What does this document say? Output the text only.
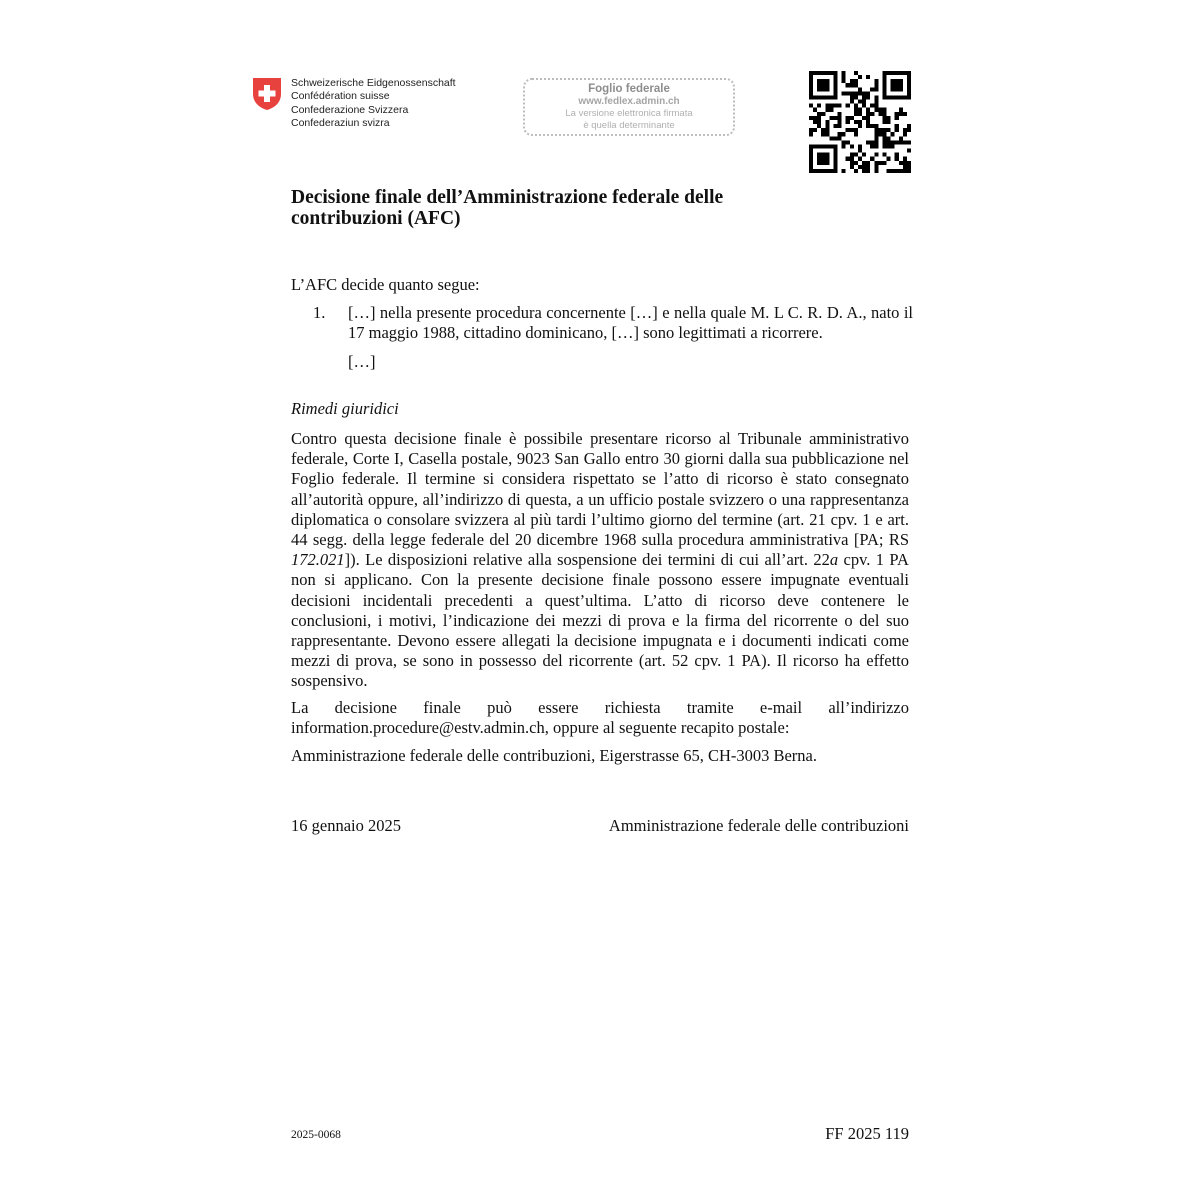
Schweizerische Eidgenossenschaft
Confédération suisse
Confederazione Svizzera
Confederaziun svizra
Foglio federale
www.fedlex.admin.ch
La versione elettronica firmata
è quella determinante
Decisione finale dell’Amministrazione federale delle contribuzioni (AFC)
L’AFC decide quanto segue:
1. […] nella presente procedura concernente […] e nella quale M. L C. R. D. A., nato il 17 maggio 1988, cittadino dominicano, […] sono legittimati a ricorrere.
[…]
Rimedi giuridici
Contro questa decisione finale è possibile presentare ricorso al Tribunale amministrativo federale, Corte I, Casella postale, 9023 San Gallo entro 30 giorni dalla sua pubblicazione nel Foglio federale. Il termine si considera rispettato se l’atto di ricorso è stato consegnato all’autorità oppure, all’indirizzo di questa, a un ufficio postale svizzero o una rappresentanza diplomatica o consolare svizzera al più tardi l’ultimo giorno del termine (art. 21 cpv. 1 e art. 44 segg. della legge federale del 20 dicembre 1968 sulla procedura amministrativa [PA; RS 172.021]). Le disposizioni relative alla sospensione dei termini di cui all’art. 22a cpv. 1 PA non si applicano. Con la presente decisione finale possono essere impugnate eventuali decisioni incidentali precedenti a quest’ultima. L’atto di ricorso deve contenere le conclusioni, i motivi, l’indicazione dei mezzi di prova e la firma del ricorrente o del suo rappresentante. Devono essere allegati la decisione impugnata e i documenti indicati come mezzi di prova, se sono in possesso del ricorrente (art. 52 cpv. 1 PA). Il ricorso ha effetto sospensivo.
La decisione finale può essere richiesta tramite e-mail all’indirizzo information.procedure@estv.admin.ch, oppure al seguente recapito postale:
Amministrazione federale delle contribuzioni, Eigerstrasse 65, CH-3003 Berna.
16 gennaio 2025	Amministrazione federale delle contribuzioni
2025-0068	FF 2025 119
